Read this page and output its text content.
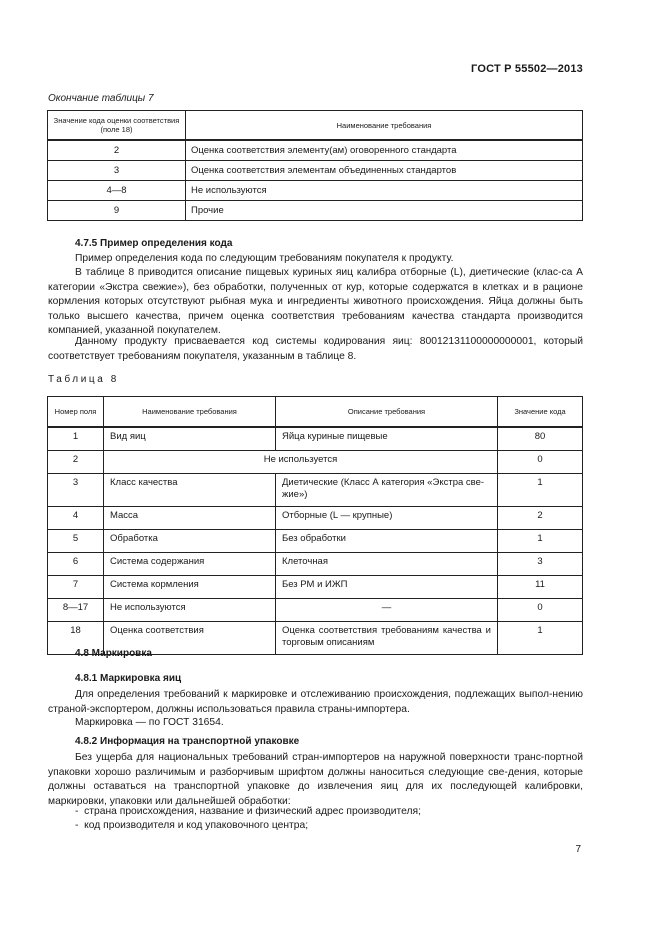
ГОСТ Р 55502—2013
Окончание таблицы 7
Значение кода оценки соответствия (поле 18)	Наименование требования
2	Оценка соответствия элементу(ам) оговоренного стандарта
3	Оценка соответствия элементам объединенных стандартов
4—8	Не используются
9	Прочие
4.7.5 Пример определения кода
Пример определения кода по следующим требованиям покупателя к продукту.
В таблице 8 приводится описание пищевых куриных яиц калибра отборные (L), диетические (клас-са А категории «Экстра свежие»), без обработки, полученных от кур, которые содержатся в клетках и в рационе кормления которых отсутствуют рыбная мука и ингредиенты животного происхождения. Яйца должны быть только высшего качества, причем оценка соответствия требованиям качества стандарта производится компанией, указанной покупателем.
Данному продукту присваевается код системы кодирования яиц: 80012131100000000001, который соответствует требованиям покупателя, указанным в таблице 8.
Таблица 8
Номер поля	Наименование требования	Описание требования	Значение кода
1	Вид яиц	Яйца куриные пищевые	80
2	Не используется		0
3	Класс качества	Диетические (Класс А категория «Экстра све-жие»)	1
4	Масса	Отборные (L — крупные)	2
5	Обработка	Без обработки	1
6	Система содержания	Клеточная	3
7	Система кормления	Без РМ и ИЖП	11
8—17	Не используются	—	0
18	Оценка соответствия	Оценка соответствия требованиям качества и торговым описаниям	1
4.8 Маркировка
4.8.1 Маркировка яиц
Для определения требований к маркировке и отслеживанию происхождения, подлежащих выпол-нению страной-экспортером, должны использоваться правила страны-импортера.
Маркировка — по ГОСТ 31654.
4.8.2 Информация на транспортной упаковке
Без ущерба для национальных требований стран-импортеров на наружной поверхности транс-портной упаковки хорошо различимым и разборчивым шрифтом должны наноситься следующие све-дения, которые должны оставаться на транспортной упаковке до извлечения яиц для их последующей калибровки, маркировки, упаковки или дальнейшей обработки:
-  страна происхождения, название и физический адрес производителя;
-  код производителя и код упаковочного центра;
7
